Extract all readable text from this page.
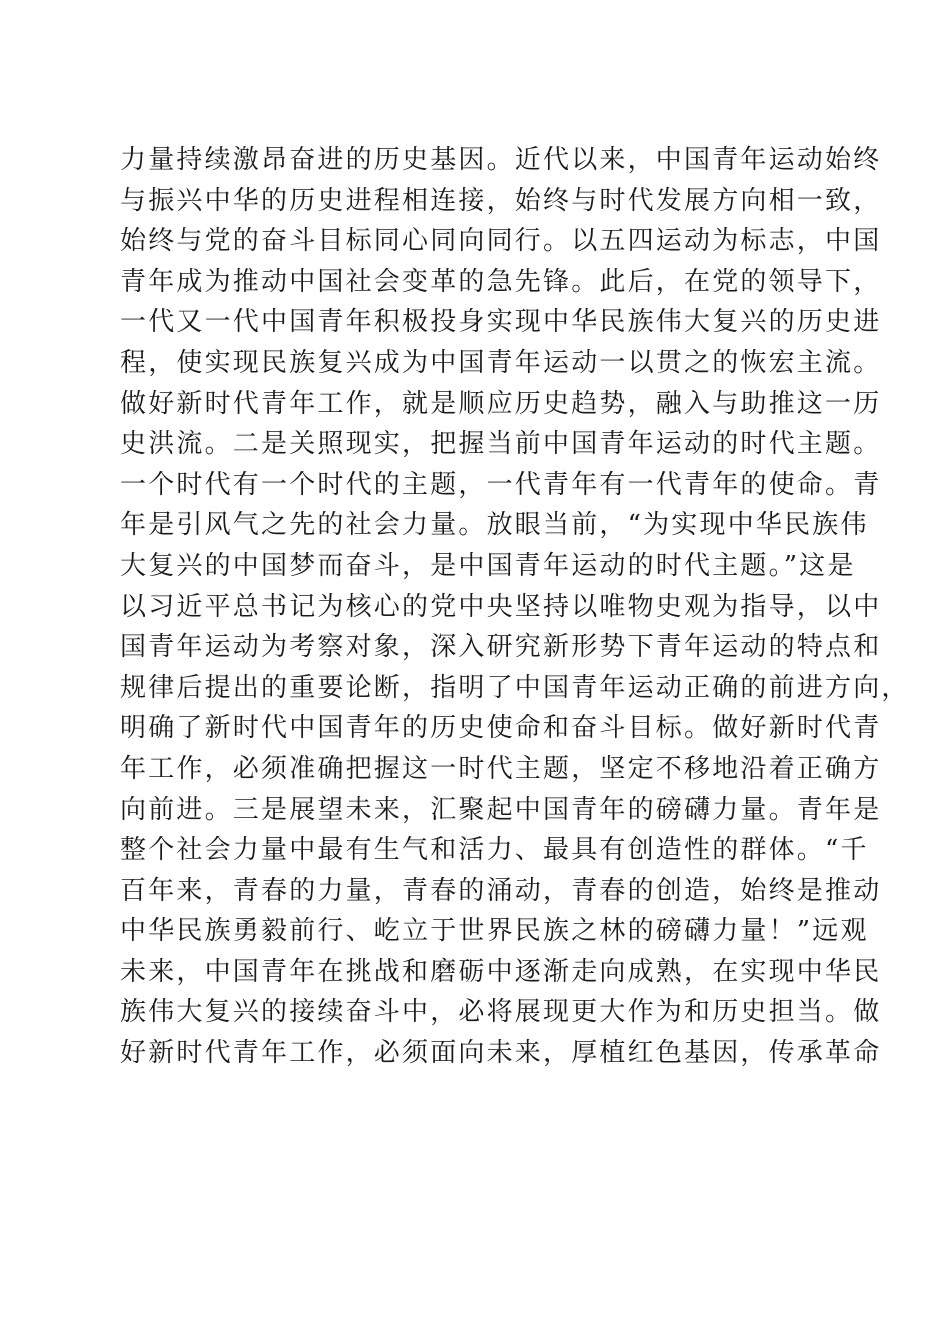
力量持续激昂奋进的历史基因。近代以来，中国青年运动始终
与振兴中华的历史进程相连接，始终与时代发展方向相一致，
始终与党的奋斗目标同心同向同行。以五四运动为标志，中国
青年成为推动中国社会变革的急先锋。此后，在党的领导下，
一代又一代中国青年积极投身实现中华民族伟大复兴的历史进
程，使实现民族复兴成为中国青年运动一以贯之的恢宏主流。
做好新时代青年工作，就是顺应历史趋势，融入与助推这一历
史洪流。二是关照现实，把握当前中国青年运动的时代主题。
一个时代有一个时代的主题，一代青年有一代青年的使命。青
年是引风气之先的社会力量。放眼当前，“为实现中华民族伟
大复兴的中国梦而奋斗，是中国青年运动的时代主题。”这是
以习近平总书记为核心的党中央坚持以唯物史观为指导，以中
国青年运动为考察对象，深入研究新形势下青年运动的特点和
规律后提出的重要论断，指明了中国青年运动正确的前进方向，
明确了新时代中国青年的历史使命和奋斗目标。做好新时代青
年工作，必须准确把握这一时代主题，坚定不移地沿着正确方
向前进。三是展望未来，汇聚起中国青年的磅礴力量。青年是
整个社会力量中最有生气和活力、最具有创造性的群体。“千
百年来，青春的力量，青春的涌动，青春的创造，始终是推动
中华民族勇毅前行、屹立于世界民族之林的磅礴力量！”远观
未来，中国青年在挑战和磨砺中逐渐走向成熟，在实现中华民
族伟大复兴的接续奋斗中，必将展现更大作为和历史担当。做
好新时代青年工作，必须面向未来，厚植红色基因，传承革命
